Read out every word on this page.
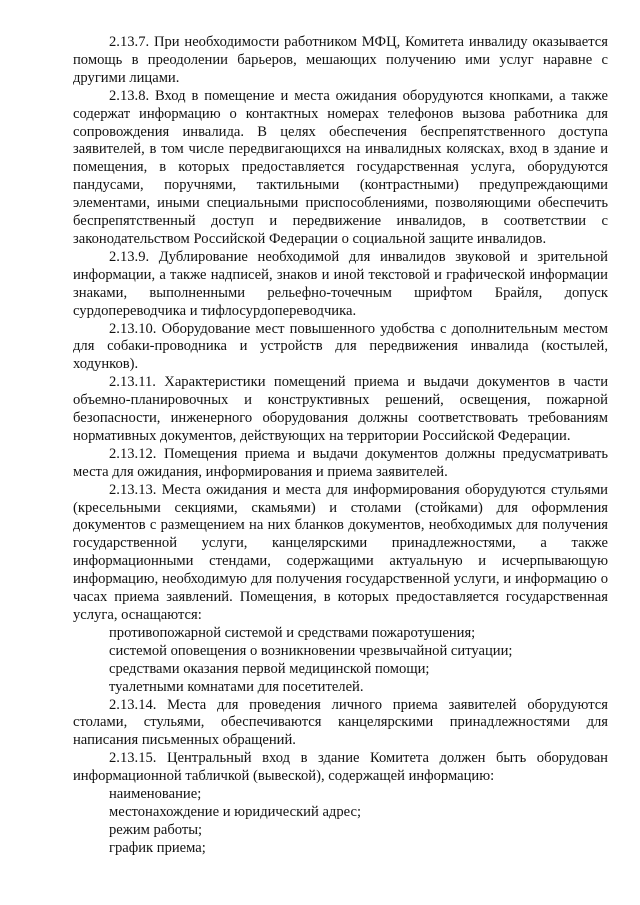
2.13.7. При необходимости работником МФЦ, Комитета инвалиду оказывается помощь в преодолении барьеров, мешающих получению ими услуг наравне с другими лицами.

2.13.8. Вход в помещение и места ожидания оборудуются кнопками, а также содержат информацию о контактных номерах телефонов вызова работника для сопровождения инвалида. В целях обеспечения беспрепятственного доступа заявителей, в том числе передвигающихся на инвалидных колясках, вход в здание и помещения, в которых предоставляется государственная услуга, оборудуются пандусами, поручнями, тактильными (контрастными) предупреждающими элементами, иными специальными приспособлениями, позволяющими обеспечить беспрепятственный доступ и передвижение инвалидов, в соответствии с законодательством Российской Федерации о социальной защите инвалидов.

2.13.9. Дублирование необходимой для инвалидов звуковой и зрительной информации, а также надписей, знаков и иной текстовой и графической информации знаками, выполненными рельефно-точечным шрифтом Брайля, допуск сурдопереводчика и тифлосурдопереводчика.

2.13.10. Оборудование мест повышенного удобства с дополнительным местом для собаки-проводника и устройств для передвижения инвалида (костылей, ходунков).

2.13.11. Характеристики помещений приема и выдачи документов в части объемно-планировочных и конструктивных решений, освещения, пожарной безопасности, инженерного оборудования должны соответствовать требованиям нормативных документов, действующих на территории Российской Федерации.

2.13.12. Помещения приема и выдачи документов должны предусматривать места для ожидания, информирования и приема заявителей.

2.13.13. Места ожидания и места для информирования оборудуются стульями (кресельными секциями, скамьями) и столами (стойками) для оформления документов с размещением на них бланков документов, необходимых для получения государственной услуги, канцелярскими принадлежностями, а также информационными стендами, содержащими актуальную и исчерпывающую информацию, необходимую для получения государственной услуги, и информацию о часах приема заявлений. Помещения, в которых предоставляется государственная услуга, оснащаются:

противопожарной системой и средствами пожаротушения;

системой оповещения о возникновении чрезвычайной ситуации;

средствами оказания первой медицинской помощи;

туалетными комнатами для посетителей.

2.13.14. Места для проведения личного приема заявителей оборудуются столами, стульями, обеспечиваются канцелярскими принадлежностями для написания письменных обращений.

2.13.15. Центральный вход в здание Комитета должен быть оборудован информационной табличкой (вывеской), содержащей информацию:

наименование;

местонахождение и юридический адрес;

режим работы;

график приема;
